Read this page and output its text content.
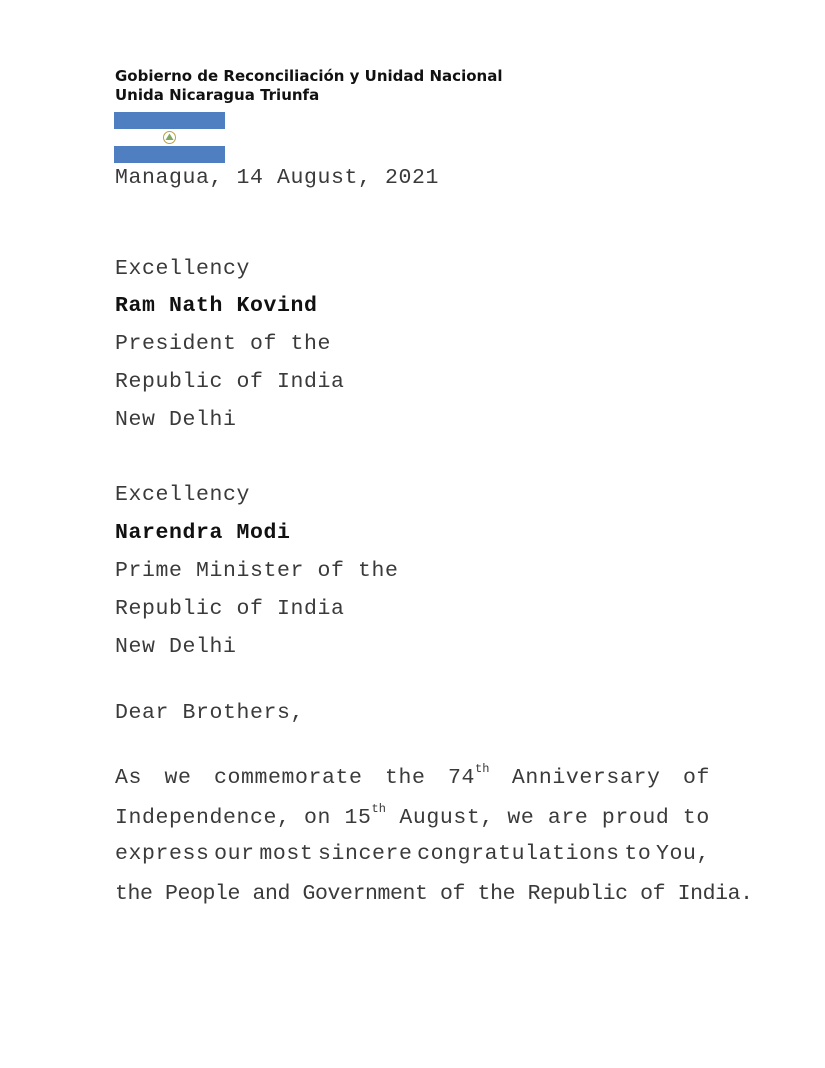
Gobierno de Reconciliación y Unidad Nacional
Unida Nicaragua Triunfa
Managua, 14 August, 2021
Excellency
Ram Nath Kovind
President of the
Republic of India
New Delhi
Excellency
Narendra Modi
Prime Minister of the
Republic of India
New Delhi
Dear Brothers,
As we commemorate the 74th Anniversary of
Independence, on 15th August, we are proud to
express our most sincere congratulations to You,
the People and Government of the Republic of India.
